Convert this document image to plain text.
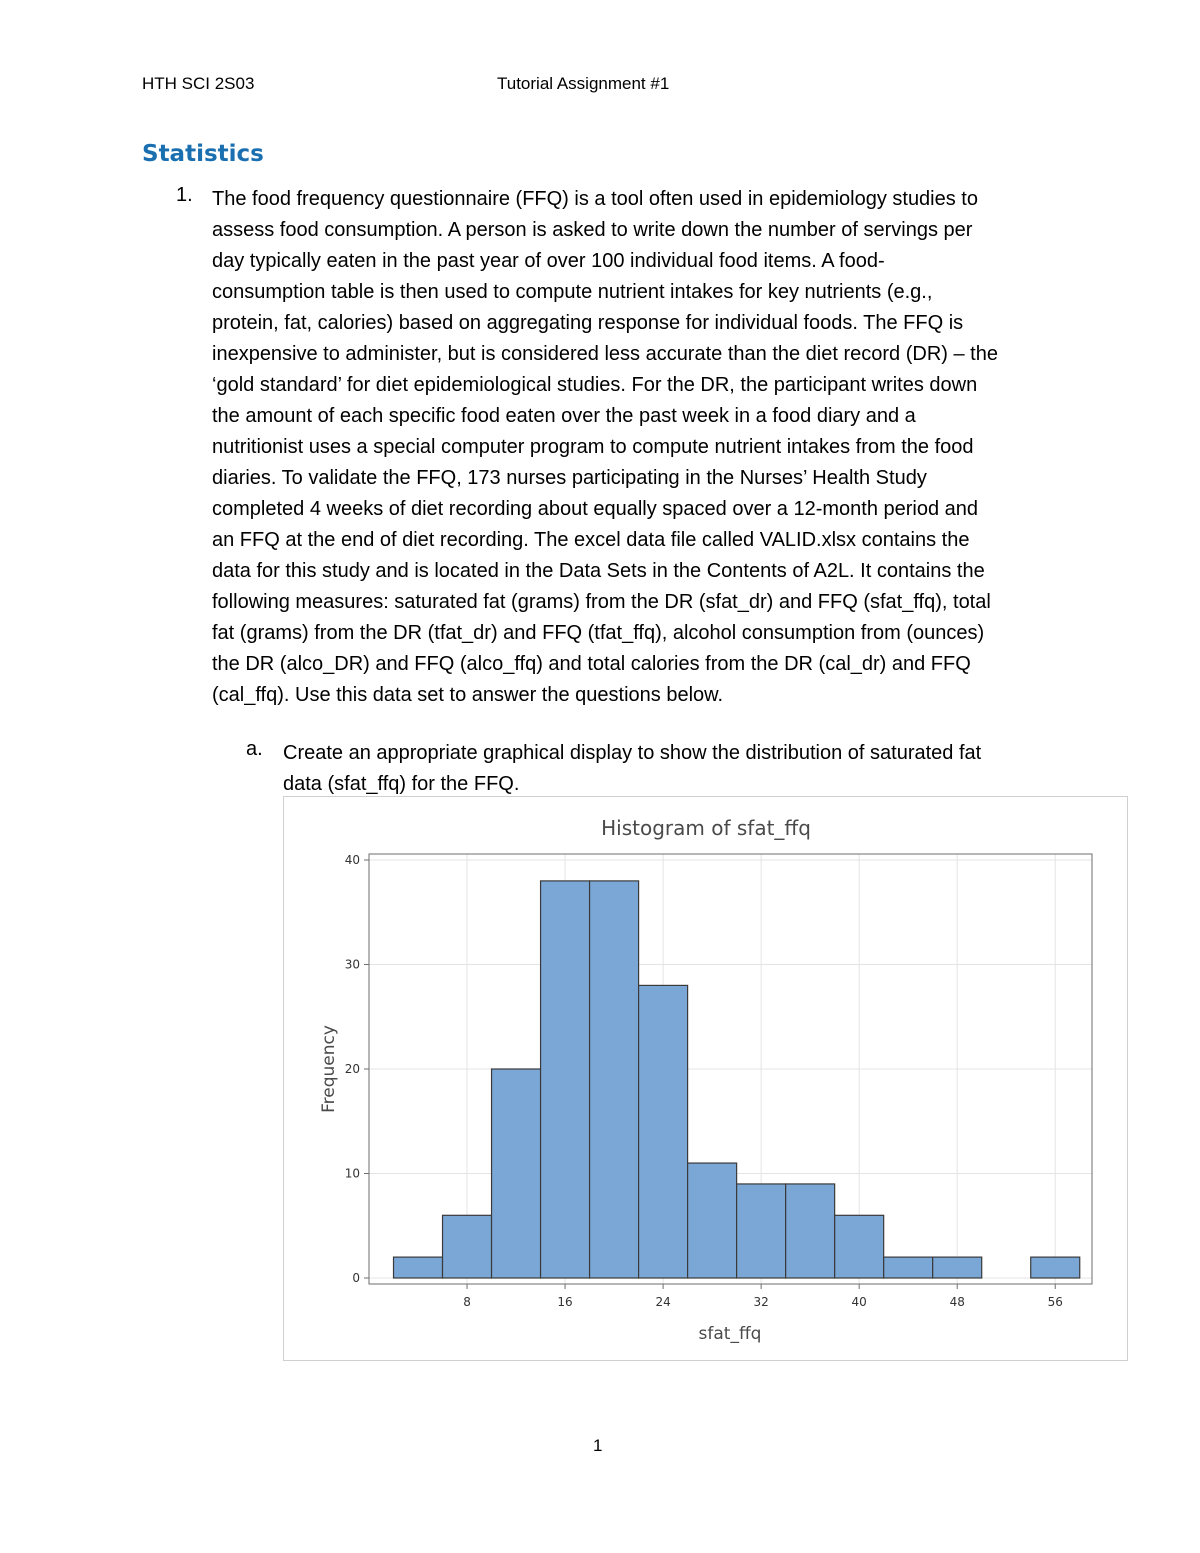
HTH SCI 2S03	Tutorial Assignment #1
Statistics
1. The food frequency questionnaire (FFQ) is a tool often used in epidemiology studies to
assess food consumption. A person is asked to write down the number of servings per
day typically eaten in the past year of over 100 individual food items. A food-
consumption table is then used to compute nutrient intakes for key nutrients (e.g.,
protein, fat, calories) based on aggregating response for individual foods. The FFQ is
inexpensive to administer, but is considered less accurate than the diet record (DR) – the
‘gold standard’ for diet epidemiological studies. For the DR, the participant writes down
the amount of each specific food eaten over the past week in a food diary and a
nutritionist uses a special computer program to compute nutrient intakes from the food
diaries. To validate the FFQ, 173 nurses participating in the Nurses’ Health Study
completed 4 weeks of diet recording about equally spaced over a 12-month period and
an FFQ at the end of diet recording. The excel data file called VALID.xlsx contains the
data for this study and is located in the Data Sets in the Contents of A2L. It contains the
following measures: saturated fat (grams) from the DR (sfat_dr) and FFQ (sfat_ffq), total
fat (grams) from the DR (tfat_dr) and FFQ (tfat_ffq), alcohol consumption from (ounces)
the DR (alco_DR) and FFQ (alco_ffq) and total calories from the DR (cal_dr) and FFQ
(cal_ffq). Use this data set to answer the questions below.
a. Create an appropriate graphical display to show the distribution of saturated fat
data (sfat_ffq) for the FFQ.
Histogram of sfat_ffq
0
10
20
30
40
8	16	24	32	40	48	56
sfat_ffq
Frequency
1
